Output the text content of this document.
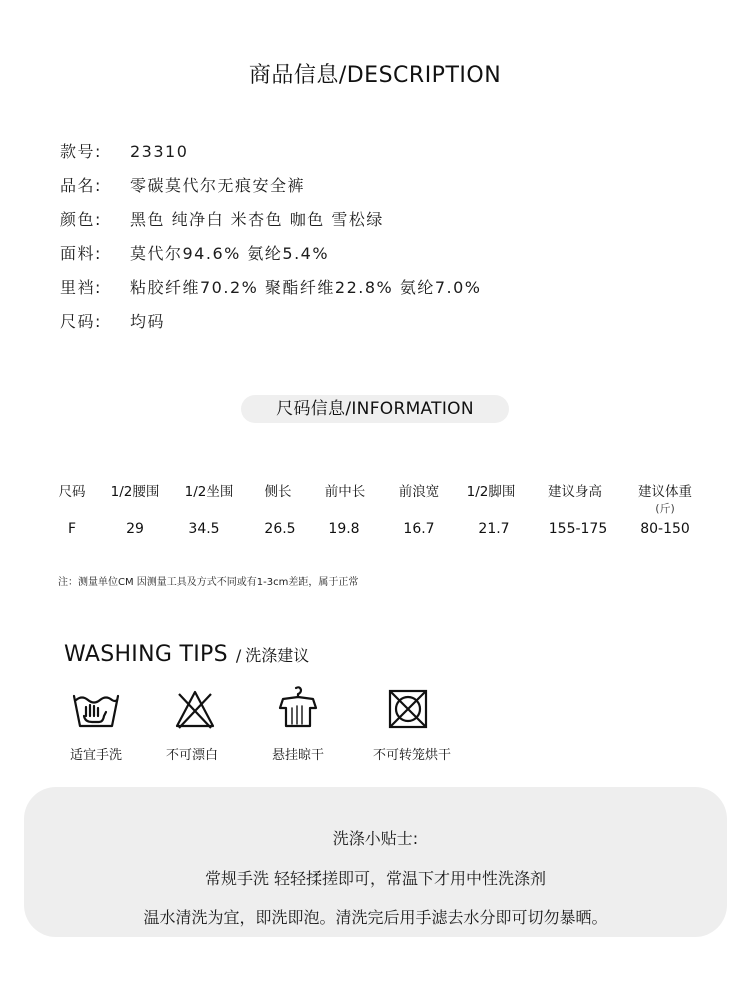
商品信息/DESCRIPTION
款号: 23310
品名: 零碳莫代尔无痕安全裤
颜色: 黑色 纯净白 米杏色 咖色 雪松绿
面料: 莫代尔94.6% 氨纶5.4%
里裆: 粘胶纤维70.2% 聚酯纤维22.8% 氨纶7.0%
尺码: 均码
尺码信息/INFORMATION
尺码	1/2腰围	1/2坐围	侧长	前中长	前浪宽	1/2脚围	建议身高	建议体重
(斤)
F	29	34.5	26.5	19.8	16.7	21.7	155-175	80-150
注：测量单位CM 因测量工具及方式不同或有1-3cm差距，属于正常
WASHING TIPS / 洗涤建议
适宜手洗	不可漂白	悬挂晾干	不可转笼烘干
洗涤小贴士:
常规手洗 轻轻揉搓即可，常温下才用中性洗涤剂
温水清洗为宜，即洗即泡。清洗完后用手滤去水分即可切勿暴晒。
